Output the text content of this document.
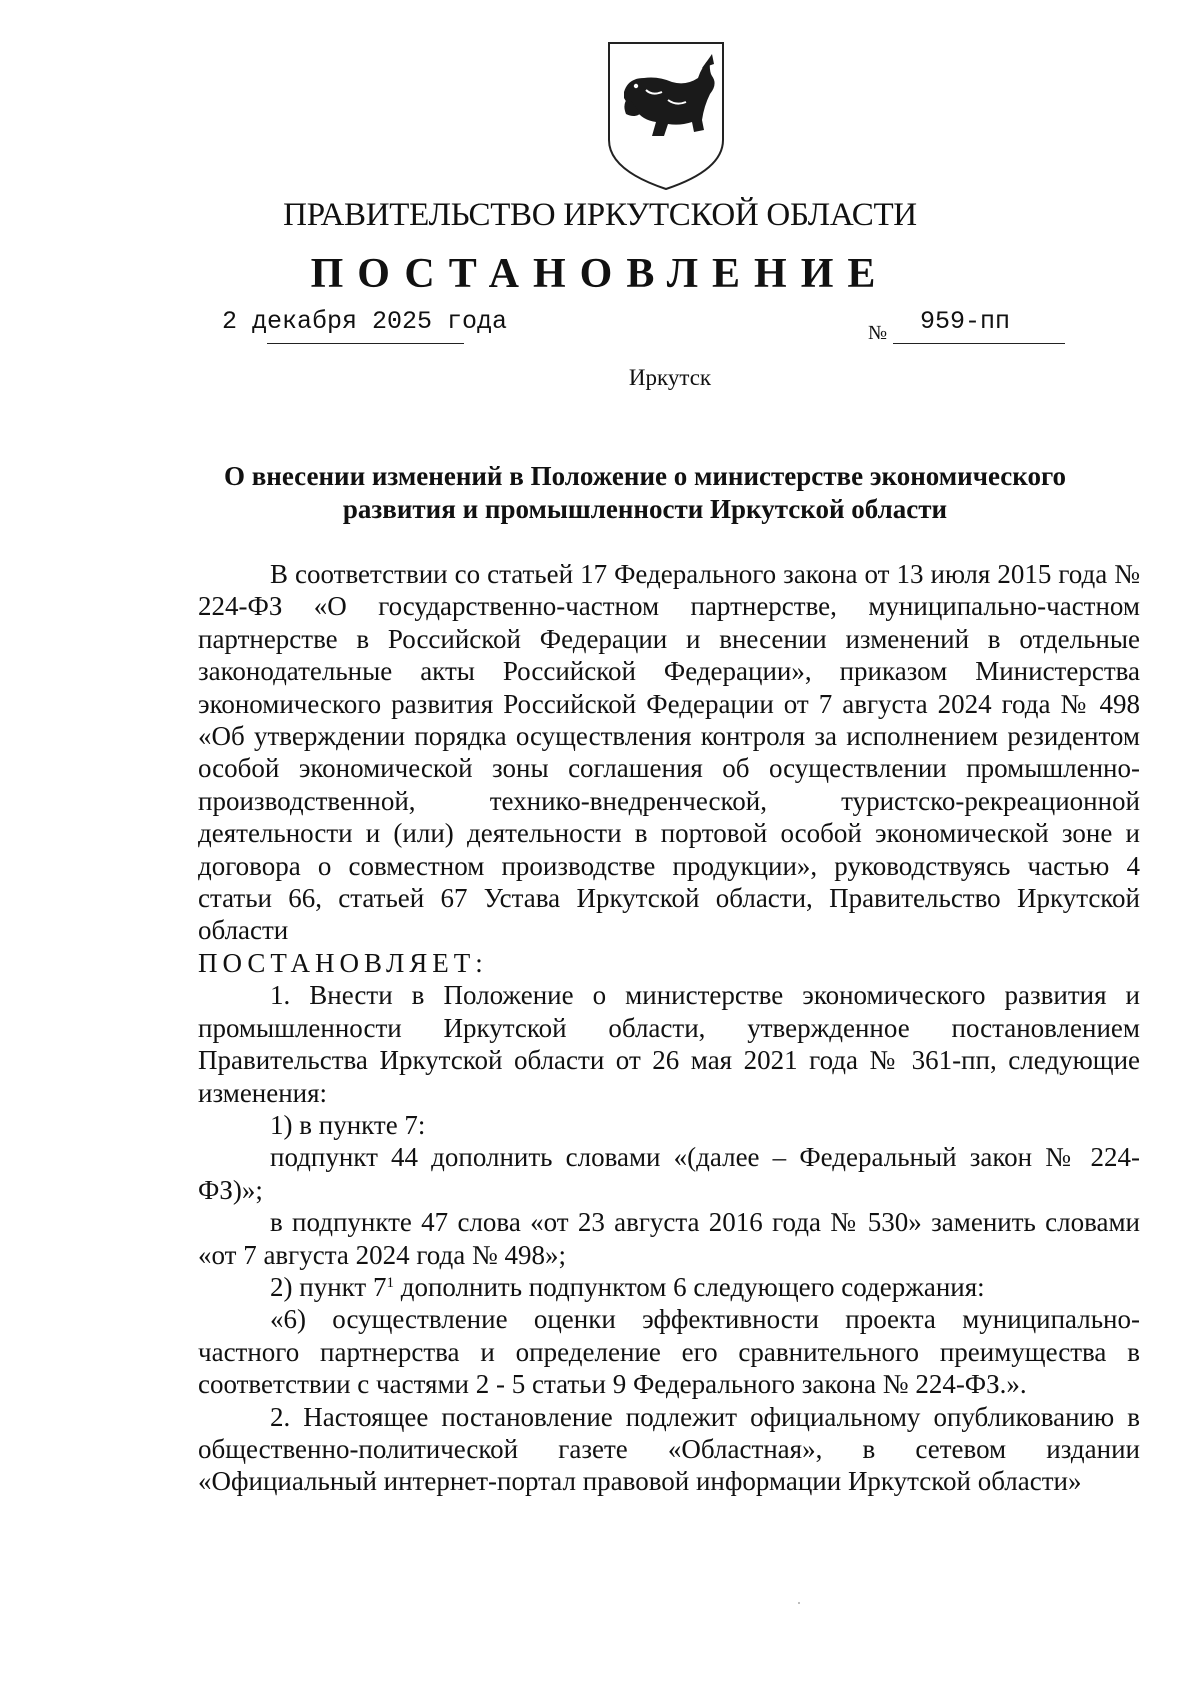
ПРАВИТЕЛЬСТВО ИРКУТСКОЙ ОБЛАСТИ
ПОСТАНОВЛЕНИЕ
2 декабря 2025 года	№ 959-пп
Иркутск
О внесении изменений в Положение о министерстве экономического
развития и промышленности Иркутской области
В соответствии со статьей 17 Федерального закона от 13 июля 2015 года № 224-ФЗ «О государственно-частном партнерстве, муниципально-частном партнерстве в Российской Федерации и внесении изменений в отдельные законодательные акты Российской Федерации», приказом Министерства экономического развития Российской Федерации от 7 августа 2024 года № 498 «Об утверждении порядка осуществления контроля за исполнением резидентом особой экономической зоны соглашения об осуществлении промышленно-производственной, технико-внедренческой, туристско-рекреационной деятельности и (или) деятельности в портовой особой экономической зоне и договора о совместном производстве продукции», руководствуясь частью 4 статьи 66, статьей 67 Устава Иркутской области, Правительство Иркутской области
ПОСТАНОВЛЯЕТ:
1. Внести в Положение о министерстве экономического развития и промышленности Иркутской области, утвержденное постановлением Правительства Иркутской области от 26 мая 2021 года № 361-пп, следующие изменения:
1) в пункте 7:
подпункт 44 дополнить словами «(далее – Федеральный закон № 224-ФЗ)»;
в подпункте 47 слова «от 23 августа 2016 года № 530» заменить словами «от 7 августа 2024 года № 498»;
2) пункт $7^1$ дополнить подпунктом 6 следующего содержания:
«6) осуществление оценки эффективности проекта муниципально-частного партнерства и определение его сравнительного преимущества в соответствии с частями 2 - 5 статьи 9 Федерального закона № 224-ФЗ.».
2. Настоящее постановление подлежит официальному опубликованию в общественно-политической газете «Областная», в сетевом издании «Официальный интернет-портал правовой информации Иркутской области»
